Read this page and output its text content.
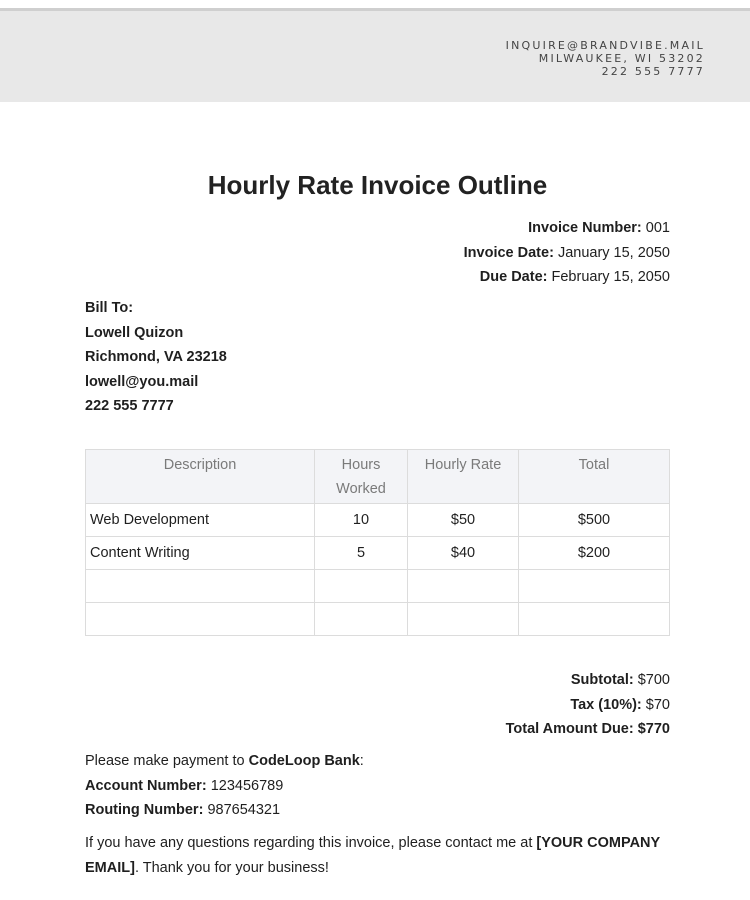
INQUIRE@BRANDVIBE.MAIL
MILWAUKEE, WI 53202
222 555 7777
Hourly Rate Invoice Outline
Invoice Number: 001
Invoice Date: January 15, 2050
Due Date: February 15, 2050
Bill To:
Lowell Quizon
Richmond, VA 23218
lowell@you.mail
222 555 7777
Description	Hours Worked	Hourly Rate	Total
Web Development	10	$50	$500
Content Writing	5	$40	$200

Subtotal: $700
Tax (10%): $70
Total Amount Due: $770
Please make payment to CodeLoop Bank:
Account Number: 123456789
Routing Number: 987654321
If you have any questions regarding this invoice, please contact me at [YOUR COMPANY EMAIL]. Thank you for your business!
